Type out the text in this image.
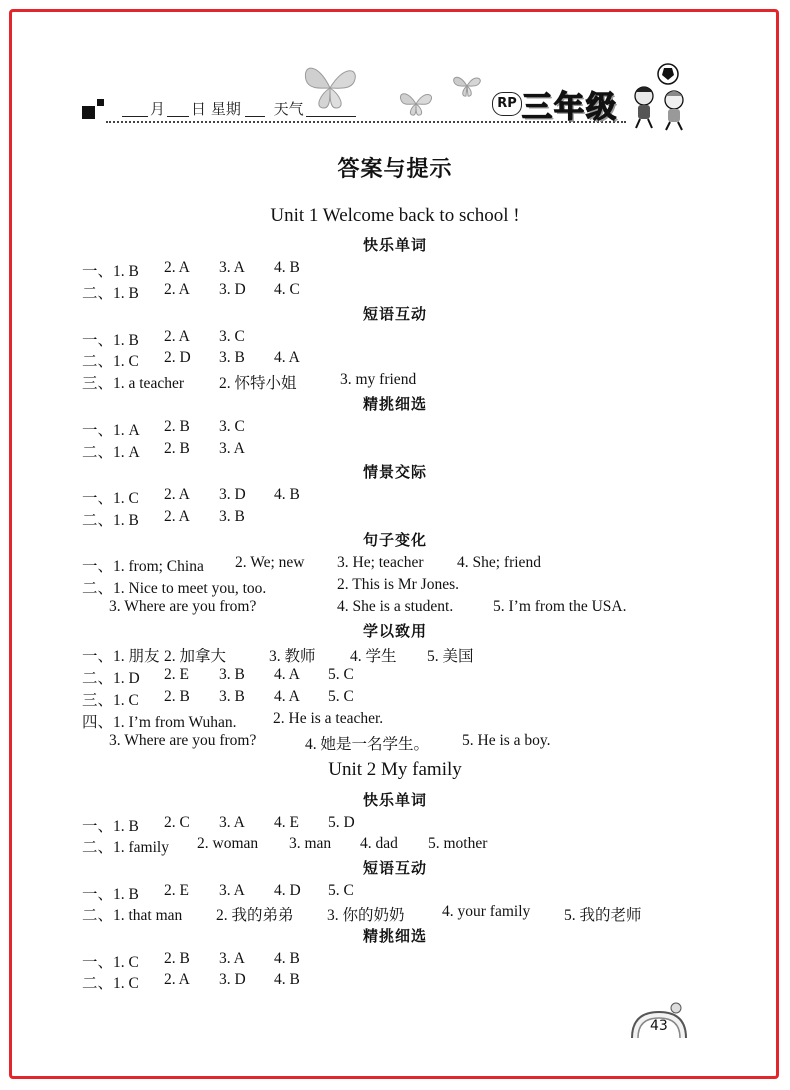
月 日 星期 天气	RP 三年级
答案与提示
Unit 1 Welcome back to school !
快乐单词
一、1. B 2. A 3. A 4. B
二、1. B 2. A 3. D 4. C
短语互动
一、1. B 2. A 3. C
二、1. C 2. D 3. B 4. A
三、1. a teacher 2. 怀特小姐	3. my friend
精挑细选
一、1. A 2. B 3. C
二、1. A 2. B 3. A
情景交际
一、1. C 2. A 3. D 4. B
二、1. B 2. A 3. B
句子变化
一、1. from; China 2. We; new 3. He; teacher 4. She; friend
二、1. Nice to meet you, too.	2. This is Mr Jones.
3. Where are you from?	4. She is a student.	5. I’m from the USA.
学以致用
一、1. 朋友 2. 加拿大	3. 教师 4. 学生 5. 美国
二、1. D 2. E 3. B 4. A 5. C
三、1. C 2. B 3. B 4. A 5. C
四、1. I’m from Wuhan. 2. He is a teacher.
3. Where are you from?	4. 她是一名学生。 5. He is a boy.
Unit 2 My family
快乐单词
一、1. B 2. C 3. A 4. E 5. D
二、1. family 2. woman 3. man 4. dad 5. mother
短语互动
一、1. B 2. E 3. A 4. D 5. C
二、1. that man 2. 我的弟弟 3. 你的奶奶 4. your family 5. 我的老师
精挑细选
一、1. C 2. B 3. A 4. B
二、1. C 2. A 3. D 4. B
43
